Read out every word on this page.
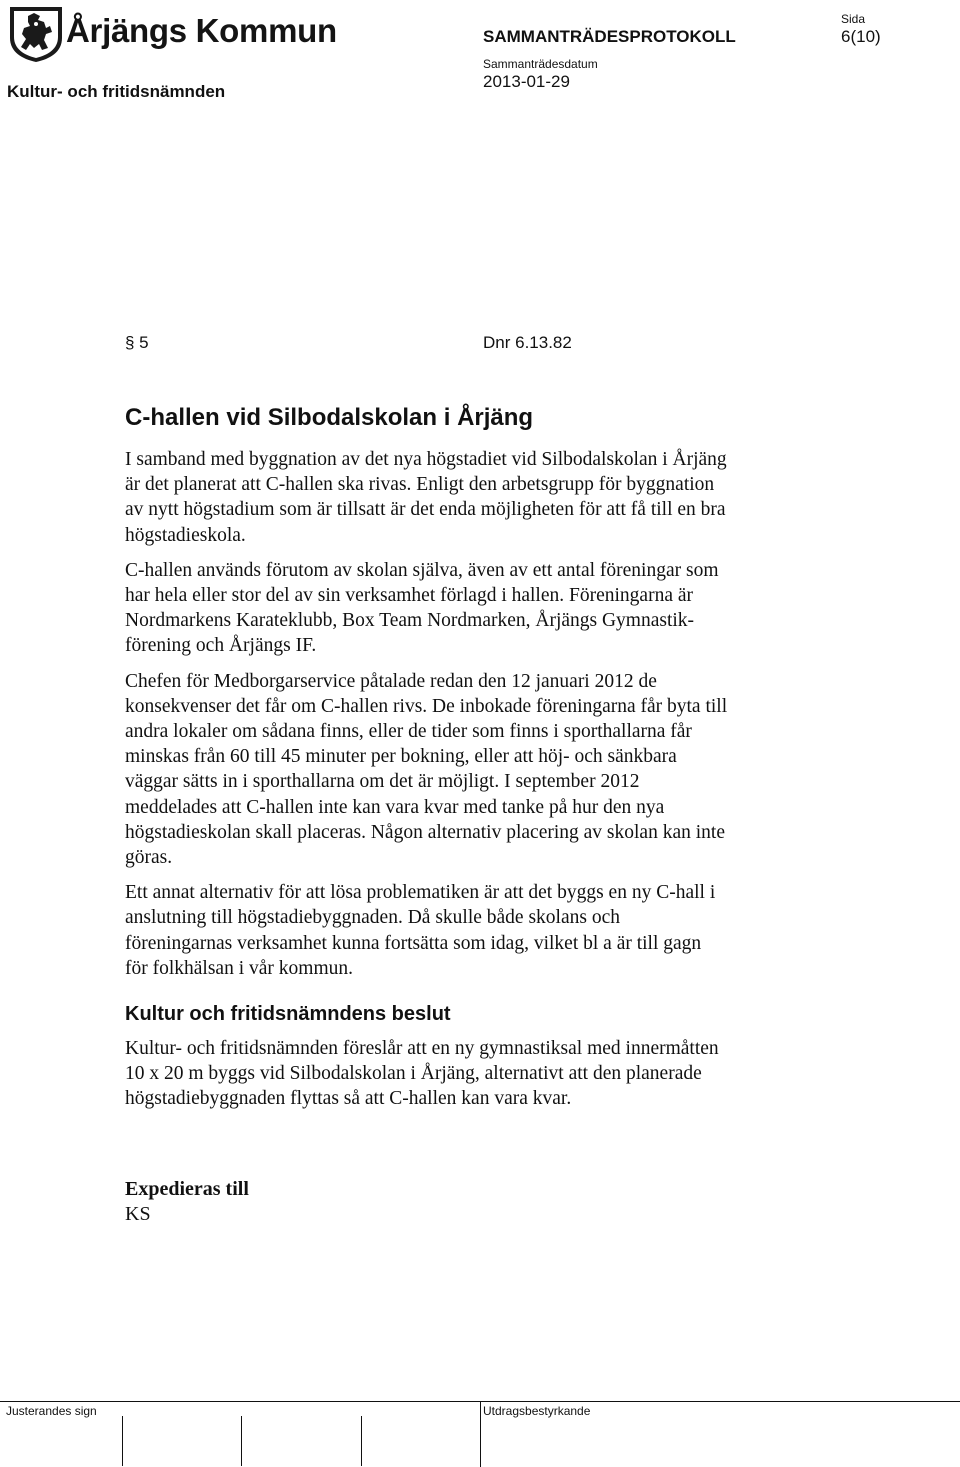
Årjängs Kommun
Kultur- och fritidsnämnden
SAMMANTRÄDESPROTOKOLL
Sammanträdesdatum
2013-01-29
Sida
6(10)
§ 5	Dnr 6.13.82
C-hallen vid Silbodalskolan i Årjäng

I samband med byggnation av det nya högstadiet vid Silbodalskolan i Årjäng
är det planerat att C-hallen ska rivas. Enligt den arbetsgrupp för byggnation
av nytt högstadium som är tillsatt är det enda möjligheten för att få till en bra
högstadieskola.

C-hallen används förutom av skolan själva, även av ett antal föreningar som
har hela eller stor del av sin verksamhet förlagd i hallen. Föreningarna är
Nordmarkens Karateklubb, Box Team Nordmarken, Årjängs Gymnastik-
förening och Årjängs IF.

Chefen för Medborgarservice påtalade redan den 12 januari 2012 de
konsekvenser det får om C-hallen rivs. De inbokade föreningarna får byta till
andra lokaler om sådana finns, eller de tider som finns i sporthallarna får
minskas från 60 till 45 minuter per bokning, eller att höj- och sänkbara
väggar sätts in i sporthallarna om det är möjligt. I september 2012
meddelades att C-hallen inte kan vara kvar med tanke på hur den nya
högstadieskolan skall placeras. Någon alternativ placering av skolan kan inte
göras.

Ett annat alternativ för att lösa problematiken är att det byggs en ny C-hall i
anslutning till högstadiebyggnaden. Då skulle både skolans och
föreningarnas verksamhet kunna fortsätta som idag, vilket bl a är till gagn
för folkhälsan i vår kommun.

Kultur och fritidsnämndens beslut

Kultur- och fritidsnämnden föreslår att en ny gymnastiksal med innermåtten
10 x 20 m byggs vid Silbodalskolan i Årjäng, alternativt att den planerade
högstadiebyggnaden flyttas så att C-hallen kan vara kvar.

Expedieras till
KS
Justerandes sign	Utdragsbestyrkande
